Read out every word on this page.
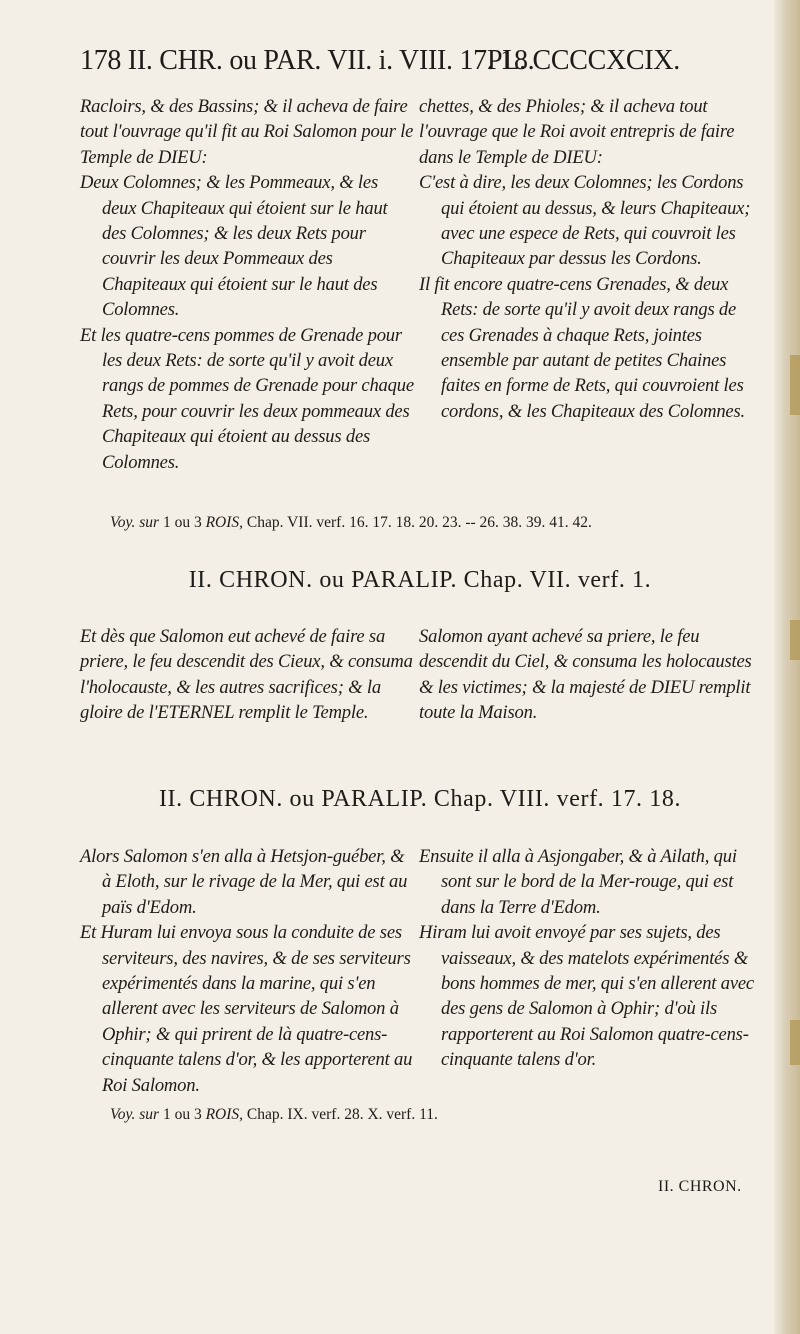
178 II. CHR. ou PAR. VII. i. VIII. 17. 18.
PL. CCCCXCIX.

Racloirs, & des Bassins; & il acheva de faire tout l'ouvrage qu'il fit au Roi Salomon pour le Temple de DIEU:

Deux Colomnes; & les Pommeaux, & les deux Chapiteaux qui étoient sur le haut des Colomnes; & les deux Rets pour couvrir les deux Pommeaux des Chapiteaux qui étoient sur le haut des Colomnes.

Et les quatre-cens pommes de Grenade pour les deux Rets: de sorte qu'il y avoit deux rangs de pommes de Grenade pour chaque Rets, pour couvrir les deux pommeaux des Chapiteaux qui étoient au dessus des Colomnes.

chettes, & des Phioles; & il acheva tout l'ouvrage que le Roi avoit entrepris de faire dans le Temple de DIEU:

C'est à dire, les deux Colomnes; les Cordons qui étoient au dessus, & leurs Chapiteaux; avec une espece de Rets, qui couvroit les Chapiteaux par dessus les Cordons.

Il fit encore quatre-cens Grenades, & deux Rets: de sorte qu'il y avoit deux rangs de ces Grenades à chaque Rets, jointes ensemble par autant de petites Chaines faites en forme de Rets, qui couvroient les cordons, & les Chapiteaux des Colomnes.

Voy. sur 1 ou 3 ROIS, Chap. VII. verf. 16. 17. 18. 20. 23. -- 26. 38. 39. 41. 42.
II. CHRON. ou PARALIP. Chap. VII. verf. 1.

Et dès que Salomon eut achevé de faire sa priere, le feu descendit des Cieux, & consuma l'holocauste, & les autres sacrifices; & la gloire de l'ETERNEL remplit le Temple.

Salomon ayant achevé sa priere, le feu descendit du Ciel, & consuma les holocaustes & les victimes; & la majesté de DIEU remplit toute la Maison.

II. CHRON. ou PARALIP. Chap. VIII. verf. 17. 18.

Alors Salomon s'en alla à Hetsjon-guéber, & à Eloth, sur le rivage de la Mer, qui est au païs d'Edom.

Et Huram lui envoya sous la conduite de ses serviteurs, des navires, & de ses serviteurs expérimentés dans la marine, qui s'en allerent avec les serviteurs de Salomon à Ophir; & qui prirent de là quatre-cens-cinquante talens d'or, & les apporterent au Roi Salomon.

Ensuite il alla à Asjongaber, & à Ailath, qui sont sur le bord de la Mer-rouge, qui est dans la Terre d'Edom.

Hiram lui avoit envoyé par ses sujets, des vaisseaux, & des matelots expérimentés & bons hommes de mer, qui s'en allerent avec des gens de Salomon à Ophir; d'où ils rapporterent au Roi Salomon quatre-cens-cinquante talens d'or.

Voy. sur 1 ou 3 ROIS, Chap. IX. verf. 28. X. verf. 11.
II. CHRON.
